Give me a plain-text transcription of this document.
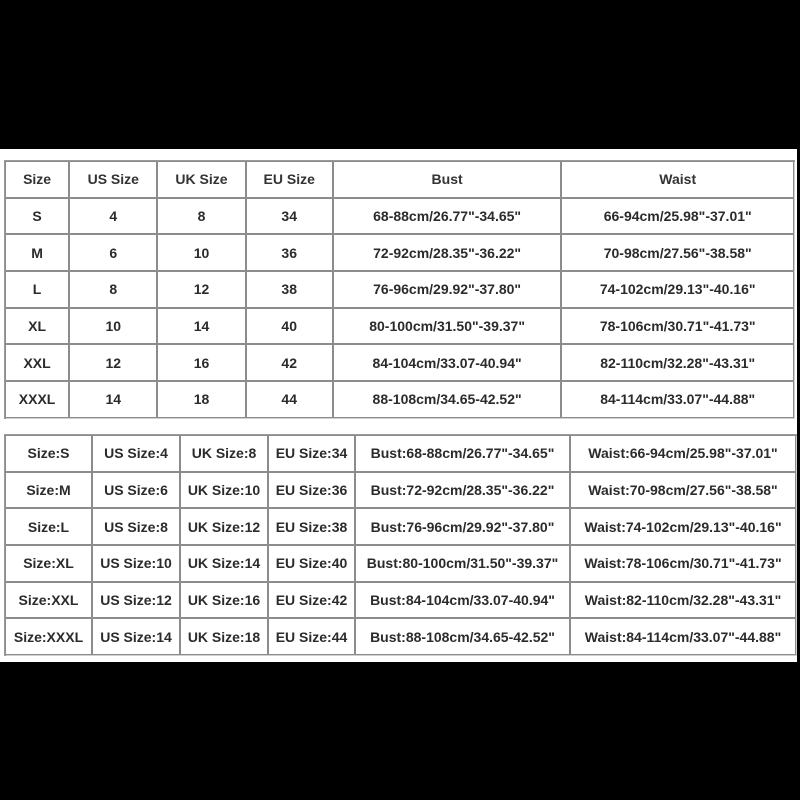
Size	US Size	UK Size	EU Size	Bust	Waist
S	4	8	34	68-88cm/26.77"-34.65"	66-94cm/25.98"-37.01"
M	6	10	36	72-92cm/28.35"-36.22"	70-98cm/27.56"-38.58"
L	8	12	38	76-96cm/29.92"-37.80"	74-102cm/29.13"-40.16"
XL	10	14	40	80-100cm/31.50"-39.37"	78-106cm/30.71"-41.73"
XXL	12	16	42	84-104cm/33.07-40.94"	82-110cm/32.28"-43.31"
XXXL	14	18	44	88-108cm/34.65-42.52"	84-114cm/33.07"-44.88"
Size:S	US Size:4	UK Size:8	EU Size:34	Bust:68-88cm/26.77"-34.65"	Waist:66-94cm/25.98"-37.01"
Size:M	US Size:6	UK Size:10	EU Size:36	Bust:72-92cm/28.35"-36.22"	Waist:70-98cm/27.56"-38.58"
Size:L	US Size:8	UK Size:12	EU Size:38	Bust:76-96cm/29.92"-37.80"	Waist:74-102cm/29.13"-40.16"
Size:XL	US Size:10	UK Size:14	EU Size:40	Bust:80-100cm/31.50"-39.37"	Waist:78-106cm/30.71"-41.73"
Size:XXL	US Size:12	UK Size:16	EU Size:42	Bust:84-104cm/33.07-40.94"	Waist:82-110cm/32.28"-43.31"
Size:XXXL	US Size:14	UK Size:18	EU Size:44	Bust:88-108cm/34.65-42.52"	Waist:84-114cm/33.07"-44.88"
